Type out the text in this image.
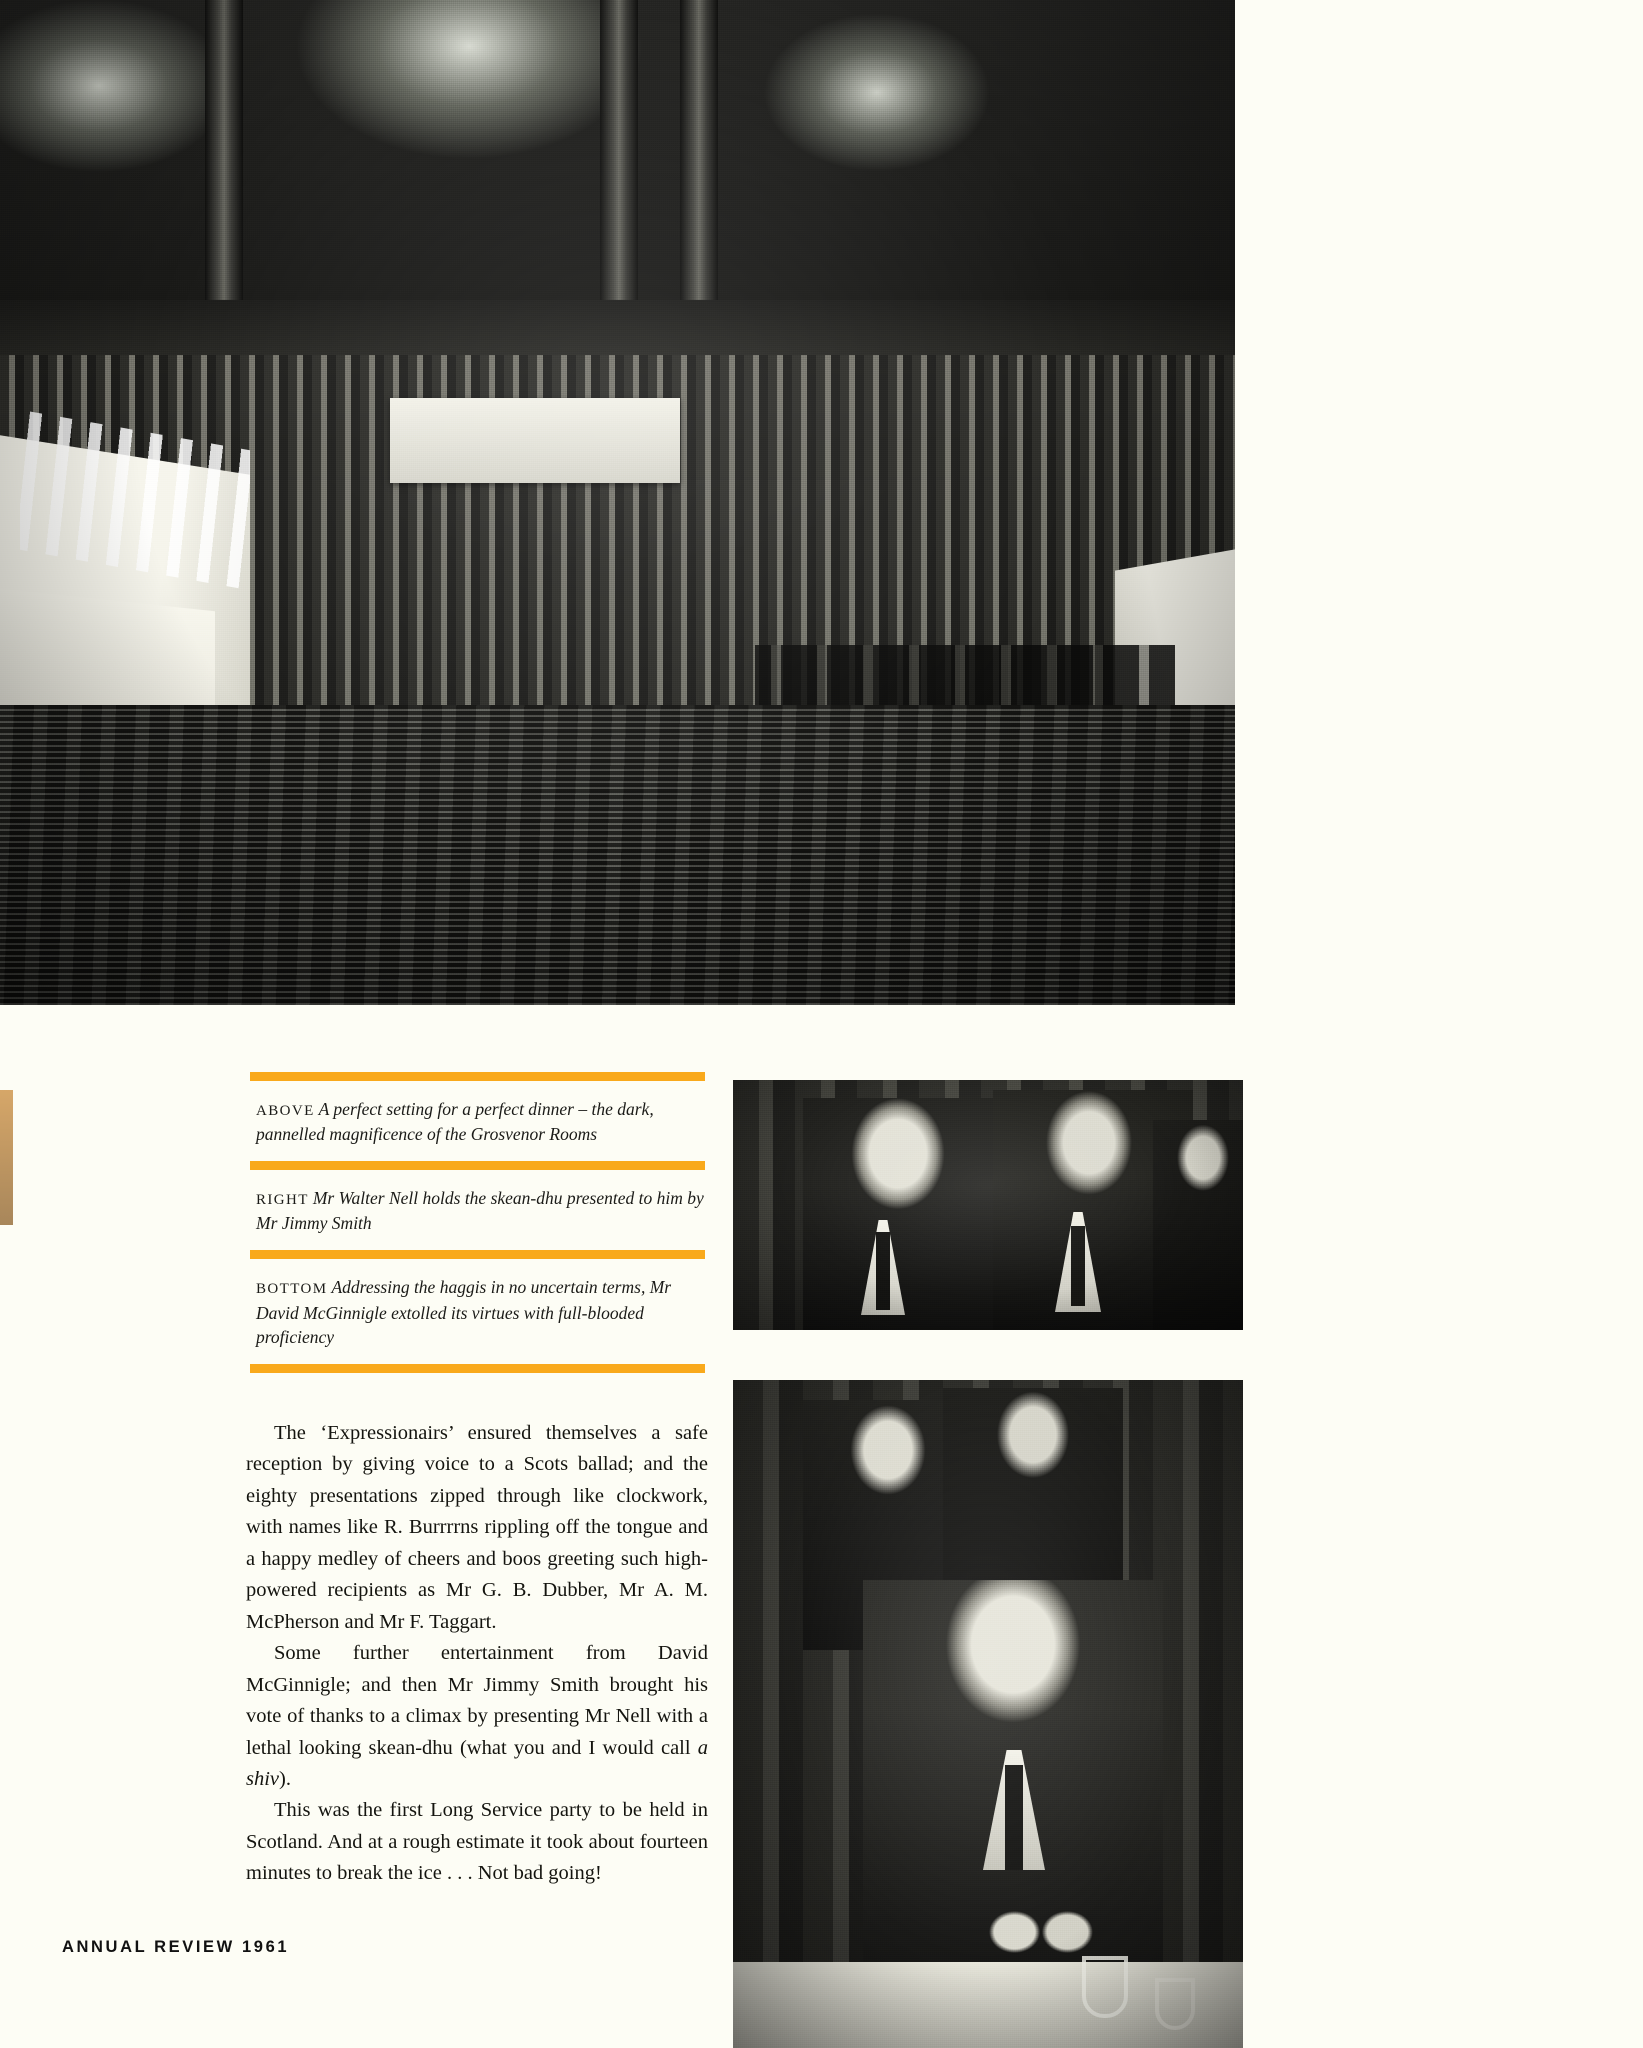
ABOVE A perfect setting for a perfect dinner – the dark, pannelled magnificence of the Grosvenor Rooms
RIGHT Mr Walter Nell holds the skean-dhu presented to him by Mr Jimmy Smith
BOTTOM Addressing the haggis in no uncertain terms, Mr David McGinnigle extolled its virtues with full-blooded proficiency

The ‘Expressionairs’ ensured themselves a safe reception by giving voice to a Scots ballad; and the eighty presentations zipped through like clockwork, with names like R. Burrrrns rippling off the tongue and a happy medley of cheers and boos greeting such high-powered recipients as Mr G. B. Dubber, Mr A. M. McPherson and Mr F. Taggart.

Some further entertainment from David McGinnigle; and then Mr Jimmy Smith brought his vote of thanks to a climax by presenting Mr Nell with a lethal looking skean-dhu (what you and I would call a shiv).

This was the first Long Service party to be held in Scotland. And at a rough estimate it took about fourteen minutes to break the ice . . . Not bad going!

ANNUAL REVIEW 1961
